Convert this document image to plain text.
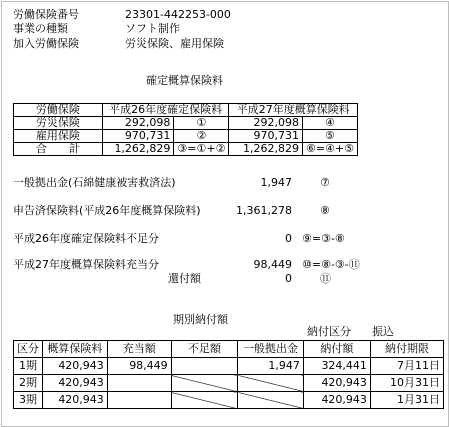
労働保険番号	23301-442253-000
事業の種類	ソフト制作
加入労働保険	労災保険、雇用保険
確定概算保険料
労働保険	平成26年度確定保険料		平成27年度概算保険料	
労災保険	292,098	①	292,098	④
雇用保険	970,731	②	970,731	⑤
合　　計	1,262,829	③=①+②	1,262,829	⑥=④+⑤
一般拠出金(石綿健康被害救済法)	1,947	⑦
申告済保険料(平成26年度概算保険料)	1,361,278	⑧
平成26年度確定保険料不足分	0 ⑨=③-⑧
平成27年度概算保険料充当分	98,449 ⑩=⑧-③-⑪
還付額	0	⑪
期別納付額
納付区分 振込
区分	概算保険料	充当額	不足額	一般拠出金	納付額	納付期限
1期	420,943	98,449		1,947	324,441	7月11日
2期	420,943				420,943	10月31日
3期	420,943				420,943	1月31日
